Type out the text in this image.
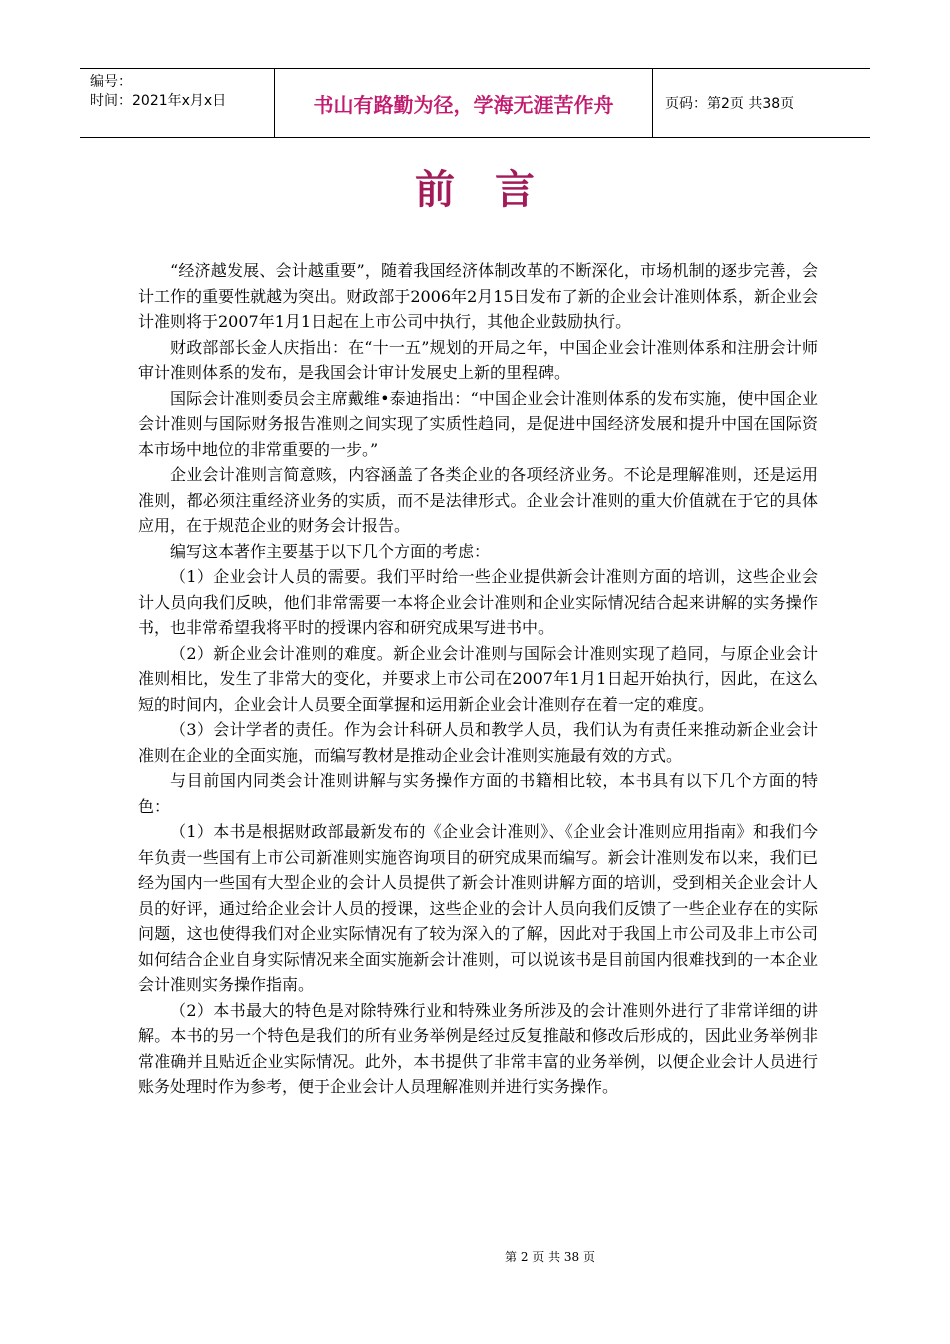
编号：
时间：2021年x月x日	书山有路勤为径，学海无涯苦作舟	页码：第2页 共38页
前言

“经济越发展、会计越重要”，随着我国经济体制改革的不断深化，市场机制的逐步完善，会计工作的重要性就越为突出。财政部于2006年2月15日发布了新的企业会计准则体系，新企业会计准则将于2007年1月1日起在上市公司中执行，其他企业鼓励执行。

财政部部长金人庆指出：在“十一五”规划的开局之年，中国企业会计准则体系和注册会计师审计准则体系的发布，是我国会计审计发展史上新的里程碑。

国际会计准则委员会主席戴维•泰迪指出：“中国企业会计准则体系的发布实施，使中国企业会计准则与国际财务报告准则之间实现了实质性趋同，是促进中国经济发展和提升中国在国际资本市场中地位的非常重要的一步。”

企业会计准则言简意赅，内容涵盖了各类企业的各项经济业务。不论是理解准则，还是运用准则，都必须注重经济业务的实质，而不是法律形式。企业会计准则的重大价值就在于它的具体应用，在于规范企业的财务会计报告。

编写这本著作主要基于以下几个方面的考虑：

（1）企业会计人员的需要。我们平时给一些企业提供新会计准则方面的培训，这些企业会计人员向我们反映，他们非常需要一本将企业会计准则和企业实际情况结合起来讲解的实务操作书，也非常希望我将平时的授课内容和研究成果写进书中。

（2）新企业会计准则的难度。新企业会计准则与国际会计准则实现了趋同，与原企业会计准则相比，发生了非常大的变化，并要求上市公司在2007年1月1日起开始执行，因此，在这么短的时间内，企业会计人员要全面掌握和运用新企业会计准则存在着一定的难度。

（3）会计学者的责任。作为会计科研人员和教学人员，我们认为有责任来推动新企业会计准则在企业的全面实施，而编写教材是推动企业会计准则实施最有效的方式。

与目前国内同类会计准则讲解与实务操作方面的书籍相比较，本书具有以下几个方面的特色：

（1）本书是根据财政部最新发布的《企业会计准则》、《企业会计准则应用指南》和我们今年负责一些国有上市公司新准则实施咨询项目的研究成果而编写。新会计准则发布以来，我们已经为国内一些国有大型企业的会计人员提供了新会计准则讲解方面的培训，受到相关企业会计人员的好评，通过给企业会计人员的授课，这些企业的会计人员向我们反馈了一些企业存在的实际问题，这也使得我们对企业实际情况有了较为深入的了解，因此对于我国上市公司及非上市公司如何结合企业自身实际情况来全面实施新会计准则，可以说该书是目前国内很难找到的一本企业会计准则实务操作指南。

（2）本书最大的特色是对除特殊行业和特殊业务所涉及的会计准则外进行了非常详细的讲解。本书的另一个特色是我们的所有业务举例是经过反复推敲和修改后形成的，因此业务举例非常准确并且贴近企业实际情况。此外，本书提供了非常丰富的业务举例，以便企业会计人员进行账务处理时作为参考，便于企业会计人员理解准则并进行实务操作。

第 2 页 共 38 页
